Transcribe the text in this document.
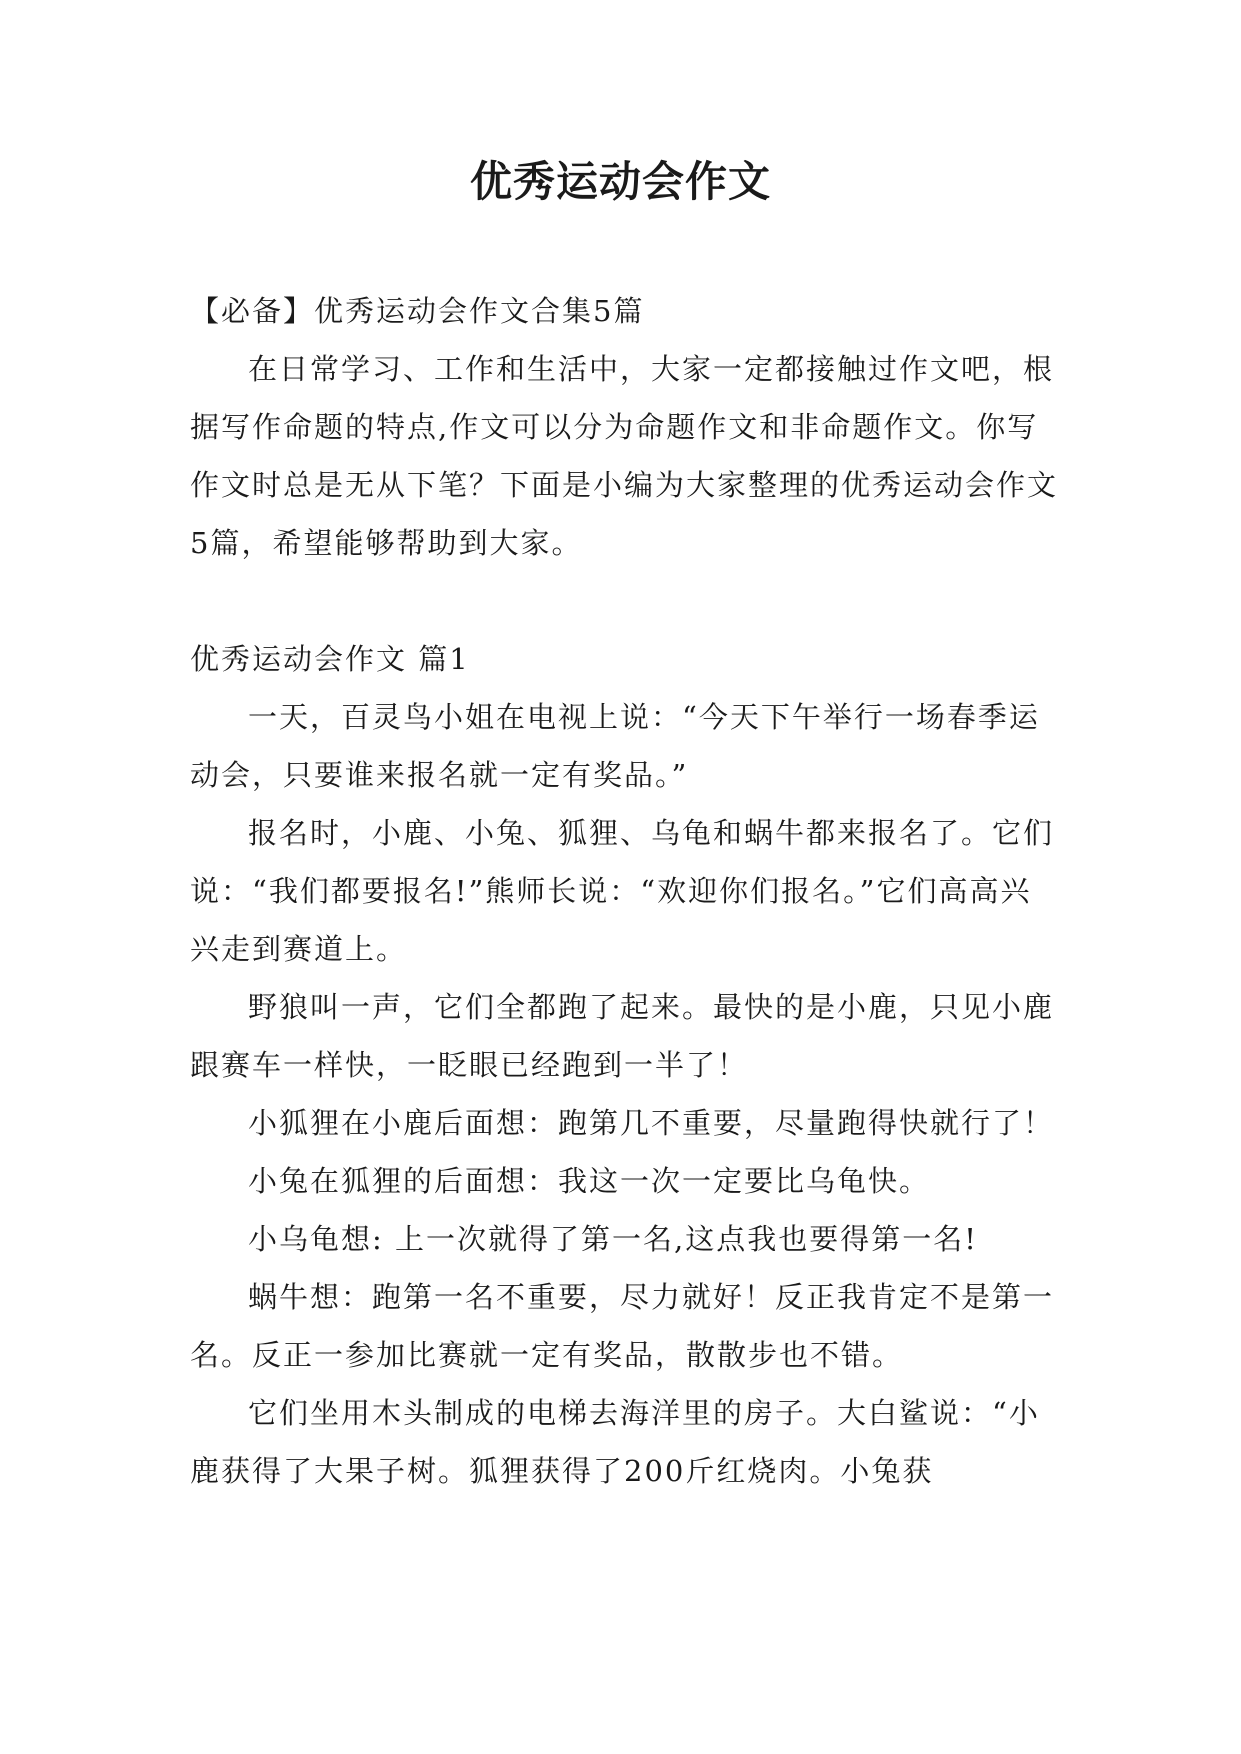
优秀运动会作文

【必备】优秀运动会作文合集5篇

在日常学习、工作和生活中，大家一定都接触过作文吧，根据写作命题的特点,作文可以分为命题作文和非命题作文。你写作文时总是无从下笔？下面是小编为大家整理的优秀运动会作文5篇，希望能够帮助到大家。

优秀运动会作文 篇1

一天，百灵鸟小姐在电视上说：“今天下午举行一场春季运动会，只要谁来报名就一定有奖品。”

报名时，小鹿、小兔、狐狸、乌龟和蜗牛都来报名了。它们说：“我们都要报名!”熊师长说：“欢迎你们报名。”它们高高兴兴走到赛道上。

野狼叫一声，它们全都跑了起来。最快的是小鹿，只见小鹿跟赛车一样快，一眨眼已经跑到一半了！

小狐狸在小鹿后面想：跑第几不重要，尽量跑得快就行了！

小兔在狐狸的后面想：我这一次一定要比乌龟快。

小乌龟想: 上一次就得了第一名,这点我也要得第一名!

蜗牛想：跑第一名不重要，尽力就好！反正我肯定不是第一名。反正一参加比赛就一定有奖品，散散步也不错。

它们坐用木头制成的电梯去海洋里的房子。大白鲨说：“小鹿获得了大果子树。狐狸获得了200斤红烧肉。小兔获
